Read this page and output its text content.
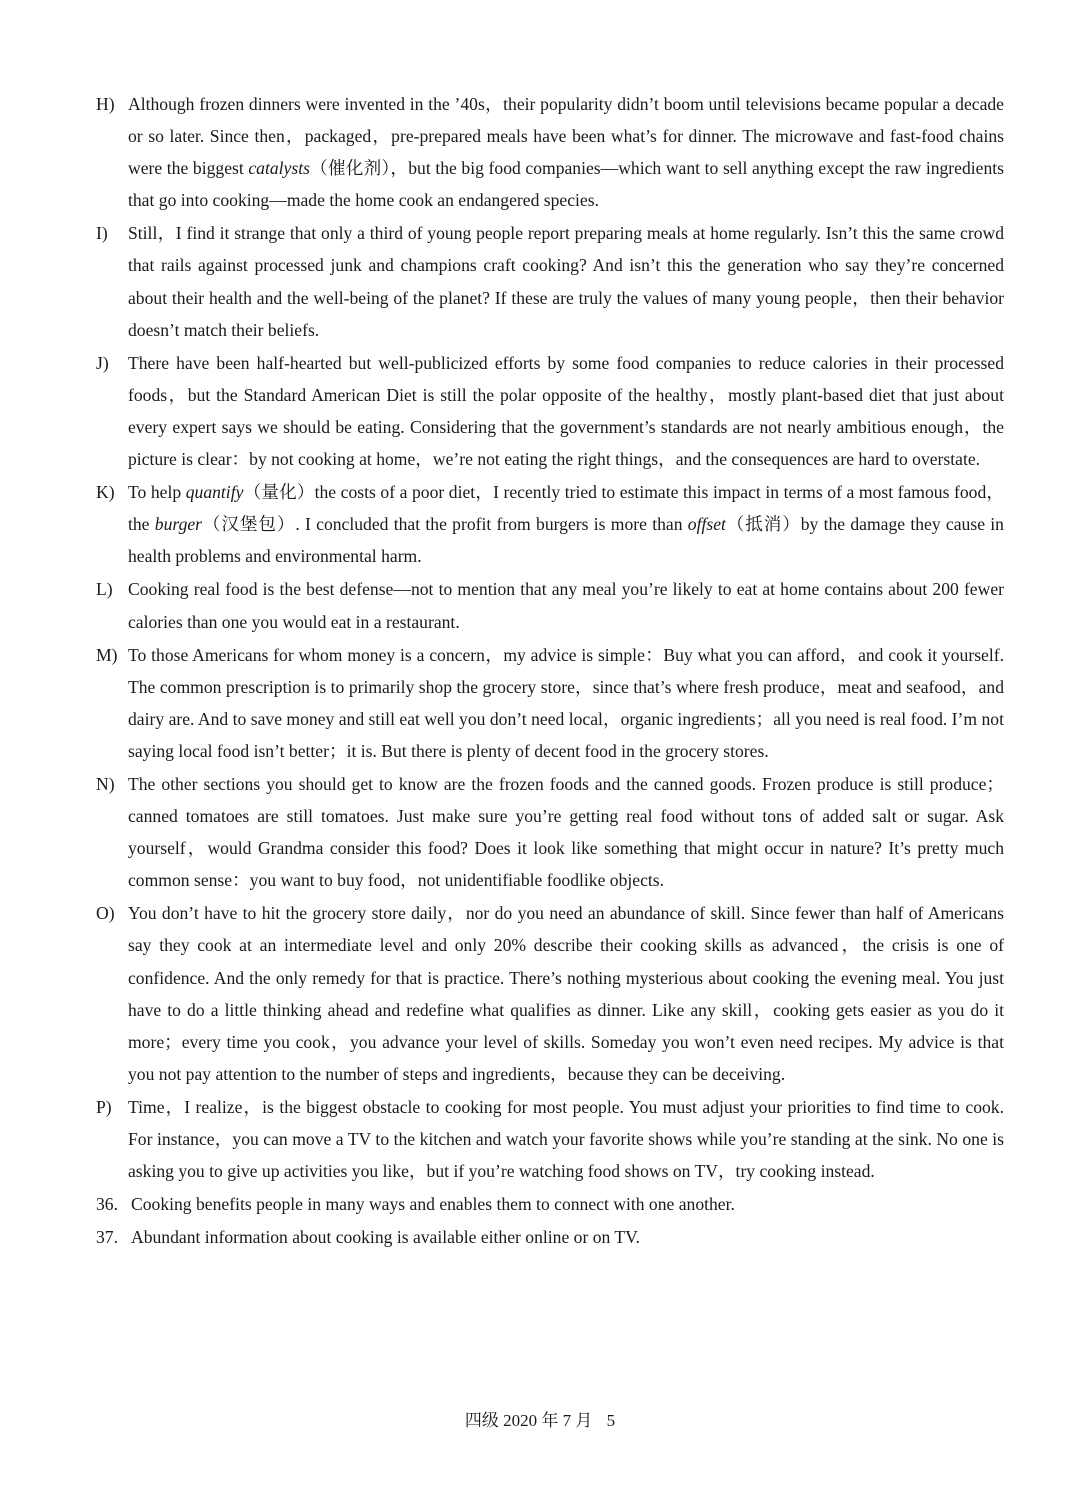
H) Although frozen dinners were invented in the ’40s，their popularity didn’t boom until televisions became popular a decade or so later. Since then，packaged，pre-prepared meals have been what’s for dinner. The microwave and fast-food chains were the biggest catalysts（催化剂），but the big food companies—which want to sell anything except the raw ingredients that go into cooking—made the home cook an endangered species.
I) Still，I find it strange that only a third of young people report preparing meals at home regularly. Isn’t this the same crowd that rails against processed junk and champions craft cooking? And isn’t this the generation who say they’re concerned about their health and the well-being of the planet? If these are truly the values of many young people，then their behavior doesn’t match their beliefs.
J) There have been half-hearted but well-publicized efforts by some food companies to reduce calories in their processed foods，but the Standard American Diet is still the polar opposite of the healthy，mostly plant-based diet that just about every expert says we should be eating. Considering that the government’s standards are not nearly ambitious enough，the picture is clear：by not cooking at home，we’re not eating the right things，and the consequences are hard to overstate.
K) To help quantify（量化）the costs of a poor diet，I recently tried to estimate this impact in terms of a most famous food，the burger（汉堡包）. I concluded that the profit from burgers is more than offset（抵消）by the damage they cause in health problems and environmental harm.
L) Cooking real food is the best defense—not to mention that any meal you’re likely to eat at home contains about 200 fewer calories than one you would eat in a restaurant.
M) To those Americans for whom money is a concern，my advice is simple：Buy what you can afford，and cook it yourself. The common prescription is to primarily shop the grocery store，since that’s where fresh produce，meat and seafood，and dairy are. And to save money and still eat well you don’t need local，organic ingredients；all you need is real food. I’m not saying local food isn’t better；it is. But there is plenty of decent food in the grocery stores.
N) The other sections you should get to know are the frozen foods and the canned goods. Frozen produce is still produce；canned tomatoes are still tomatoes. Just make sure you’re getting real food without tons of added salt or sugar. Ask yourself，would Grandma consider this food? Does it look like something that might occur in nature? It’s pretty much common sense：you want to buy food，not unidentifiable foodlike objects.
O) You don’t have to hit the grocery store daily，nor do you need an abundance of skill. Since fewer than half of Americans say they cook at an intermediate level and only 20% describe their cooking skills as advanced，the crisis is one of confidence. And the only remedy for that is practice. There’s nothing mysterious about cooking the evening meal. You just have to do a little thinking ahead and redefine what qualifies as dinner. Like any skill，cooking gets easier as you do it more；every time you cook，you advance your level of skills. Someday you won’t even need recipes. My advice is that you not pay attention to the number of steps and ingredients，because they can be deceiving.
P) Time，I realize，is the biggest obstacle to cooking for most people. You must adjust your priorities to find time to cook. For instance，you can move a TV to the kitchen and watch your favorite shows while you’re standing at the sink. No one is asking you to give up activities you like，but if you’re watching food shows on TV，try cooking instead.
36. Cooking benefits people in many ways and enables them to connect with one another.
37. Abundant information about cooking is available either online or on TV.
四级 2020 年 7 月 5
